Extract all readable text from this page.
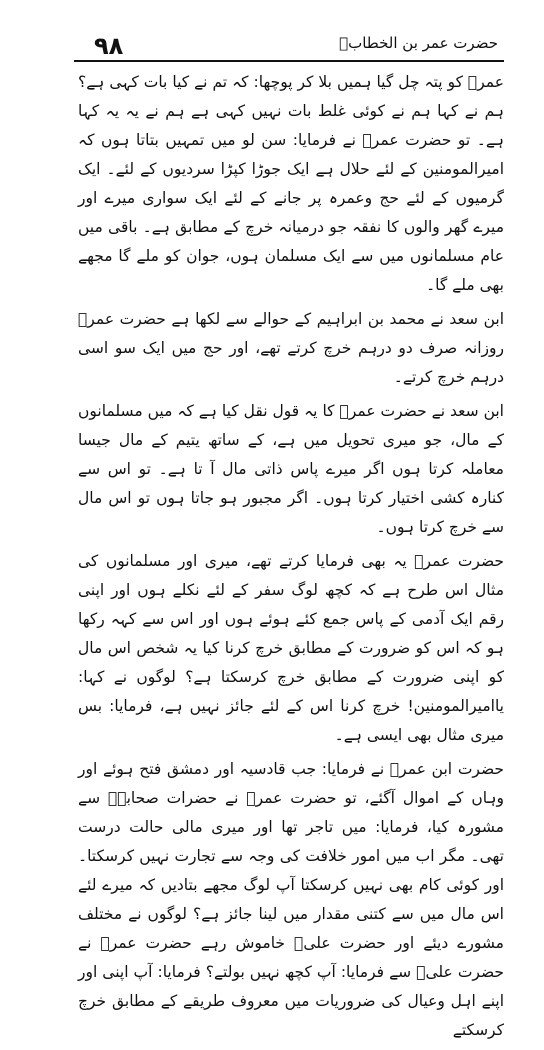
۹۸	حضرت عمر بن الخطابؓ

عمرؓ کو پتہ چل گیا ہمیں بلا کر پوچھا: کہ تم نے کیا بات کہی ہے؟ ہم نے کہا ہم نے کوئی غلط بات نہیں کہی ہے ہم نے یہ یہ کہا ہے۔ تو حضرت عمرؓ نے فرمایا: سن لو میں تمہیں بتاتا ہوں کہ امیرالمومنین کے لئے حلال ہے ایک جوڑا کپڑا سردیوں کے لئے۔ ایک گرمیوں کے لئے حج وعمرہ پر جانے کے لئے ایک سواری میرے اور میرے گھر والوں کا نفقہ جو درمیانہ خرچ کے مطابق ہے۔ باقی میں عام مسلمانوں میں سے ایک مسلمان ہوں، جوان کو ملے گا مجھے بھی ملے گا۔

ابن سعد نے محمد بن ابراہیم کے حوالے سے لکھا ہے حضرت عمرؓ روزانہ صرف دو درہم خرچ کرتے تھے، اور حج میں ایک سو اسی درہم خرچ کرتے۔

ابن سعد نے حضرت عمرؓ کا یہ قول نقل کیا ہے کہ میں مسلمانوں کے مال، جو میری تحویل میں ہے، کے ساتھ یتیم کے مال جیسا معاملہ کرتا ہوں اگر میرے پاس ذاتی مال آ تا ہے۔ تو اس سے کنارہ کشی اختیار کرتا ہوں۔ اگر مجبور ہو جاتا ہوں تو اس مال سے خرچ کرتا ہوں۔

حضرت عمرؓ یہ بھی فرمایا کرتے تھے، میری اور مسلمانوں کی مثال اس طرح ہے کہ کچھ لوگ سفر کے لئے نکلے ہوں اور اپنی رقم ایک آدمی کے پاس جمع کئے ہوئے ہوں اور اس سے کہہ رکھا ہو کہ اس کو ضرورت کے مطابق خرچ کرنا کیا یہ شخص اس مال کو اپنی ضرورت کے مطابق خرچ کرسکتا ہے؟ لوگوں نے کہا: یاامیرالمومنین! خرچ کرنا اس کے لئے جائز نہیں ہے، فرمایا: بس میری مثال بھی ایسی ہے۔

حضرت ابن عمرؓ نے فرمایا: جب قادسیہ اور دمشق فتح ہوئے اور وہاں کے اموال آگئے، تو حضرت عمرؓ نے حضرات صحابہؓ سے مشورہ کیا، فرمایا: میں تاجر تھا اور میری مالی حالت درست تھی۔ مگر اب میں امور خلافت کی وجہ سے تجارت نہیں کرسکتا۔ اور کوئی کام بھی نہیں کرسکتا آپ لوگ مجھے بتادیں کہ میرے لئے اس مال میں سے کتنی مقدار میں لینا جائز ہے؟ لوگوں نے مختلف مشورے دیئے اور حضرت علیؓ خاموش رہے حضرت عمرؓ نے حضرت علیؓ سے فرمایا: آپ کچھ نہیں بولتے؟ فرمایا: آپ اپنی اور اپنے اہل وعیال کی ضروریات میں معروف طریقے کے مطابق خرچ کرسکتے
